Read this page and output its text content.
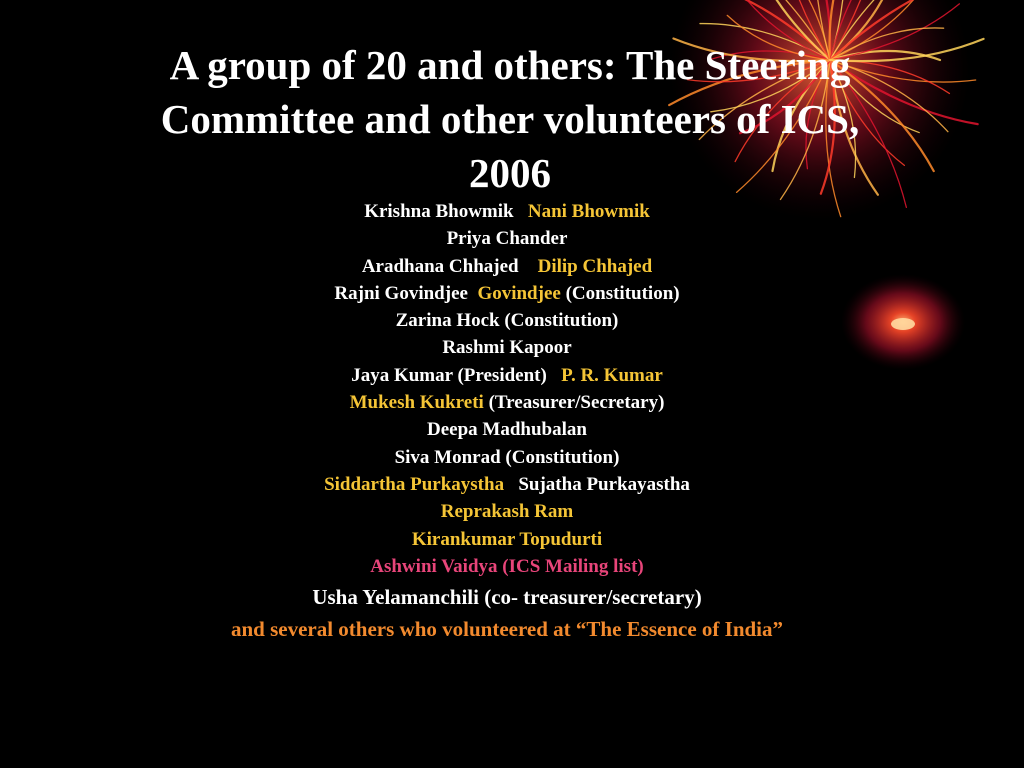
A group of 20 and others: The Steering
Committee and other volunteers of ICS,
2006
Krishna Bhowmik   Nani Bhowmik
Priya Chander
Aradhana Chhajed    Dilip Chhajed
Rajni Govindjee  Govindjee (Constitution)
Zarina Hock (Constitution)
Rashmi Kapoor
Jaya Kumar (President)   P. R. Kumar
Mukesh Kukreti (Treasurer/Secretary)
Deepa Madhubalan
Siva Monrad (Constitution)
Siddartha Purkaystha   Sujatha Purkayastha
Reprakash Ram
Kirankumar Topudurti
Ashwini Vaidya (ICS Mailing list)
Usha Yelamanchili (co- treasurer/secretary)
and several others who volunteered at “The Essence of India”
